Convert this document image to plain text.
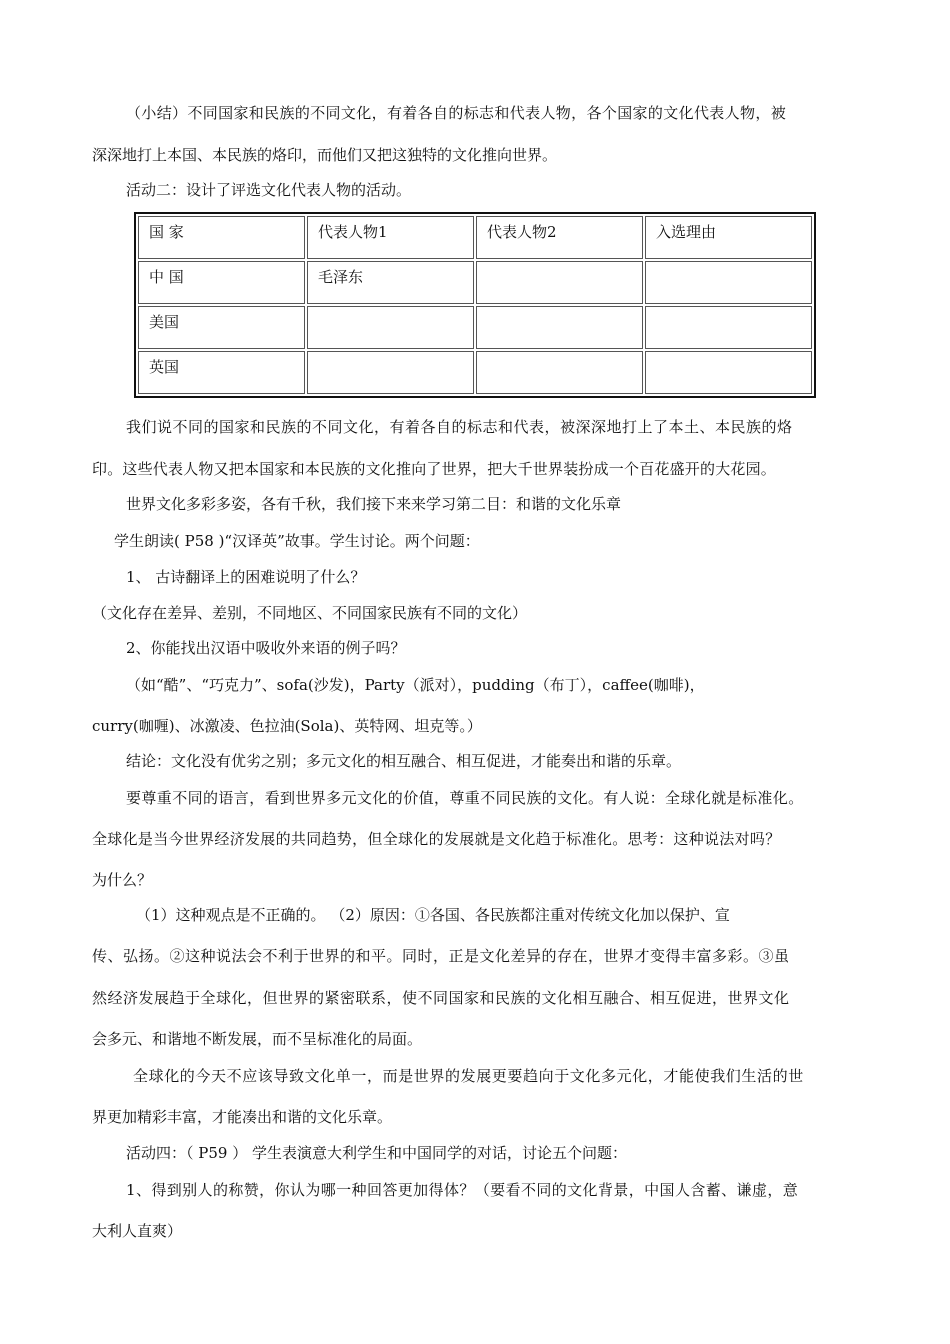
（小结）不同国家和民族的不同文化，有着各自的标志和代表人物，各个国家的文化代表人物，被

深深地打上本国、本民族的烙印，而他们又把这独特的文化推向世界。

活动二：设计了评选文化代表人物的活动。

国 家	代表人物1	代表人物2	入选理由
中 国	毛泽东		
美国			
英国			

我们说不同的国家和民族的不同文化，有着各自的标志和代表，被深深地打上了本土、本民族的烙

印。这些代表人物又把本国家和本民族的文化推向了世界，把大千世界装扮成一个百花盛开的大花园。

世界文化多彩多姿，各有千秋，我们接下来来学习第二目：和谐的文化乐章

学生朗读( P58 )“汉译英”故事。学生讨论。两个问题：

1、 古诗翻译上的困难说明了什么？

（文化存在差异、差别，不同地区、不同国家民族有不同的文化）

2、你能找出汉语中吸收外来语的例子吗？

（如“酷”、“巧克力”、sofa(沙发)，Party（派对），pudding（布丁），caffee(咖啡)，

curry(咖喱)、冰激凌、色拉油(Sola)、英特网、坦克等。）

结论：文化没有优劣之别；多元文化的相互融合、相互促进，才能奏出和谐的乐章。

要尊重不同的语言，看到世界多元文化的价值，尊重不同民族的文化。有人说：全球化就是标准化。

全球化是当今世界经济发展的共同趋势，但全球化的发展就是文化趋于标准化。思考：这种说法对吗？

为什么？

（1）这种观点是不正确的。 （2）原因：①各国、各民族都注重对传统文化加以保护、宣

传、弘扬。②这种说法会不利于世界的和平。同时，正是文化差异的存在，世界才变得丰富多彩。③虽

然经济发展趋于全球化，但世界的紧密联系，使不同国家和民族的文化相互融合、相互促进，世界文化

会多元、和谐地不断发展，而不呈标准化的局面。

全球化的今天不应该导致文化单一，而是世界的发展更要趋向于文化多元化，才能使我们生活的世

界更加精彩丰富，才能凑出和谐的文化乐章。

活动四：（ P59 ） 学生表演意大利学生和中国同学的对话，讨论五个问题：

1、得到别人的称赞，你认为哪一种回答更加得体？（要看不同的文化背景，中国人含蓄、谦虚，意

大利人直爽）
